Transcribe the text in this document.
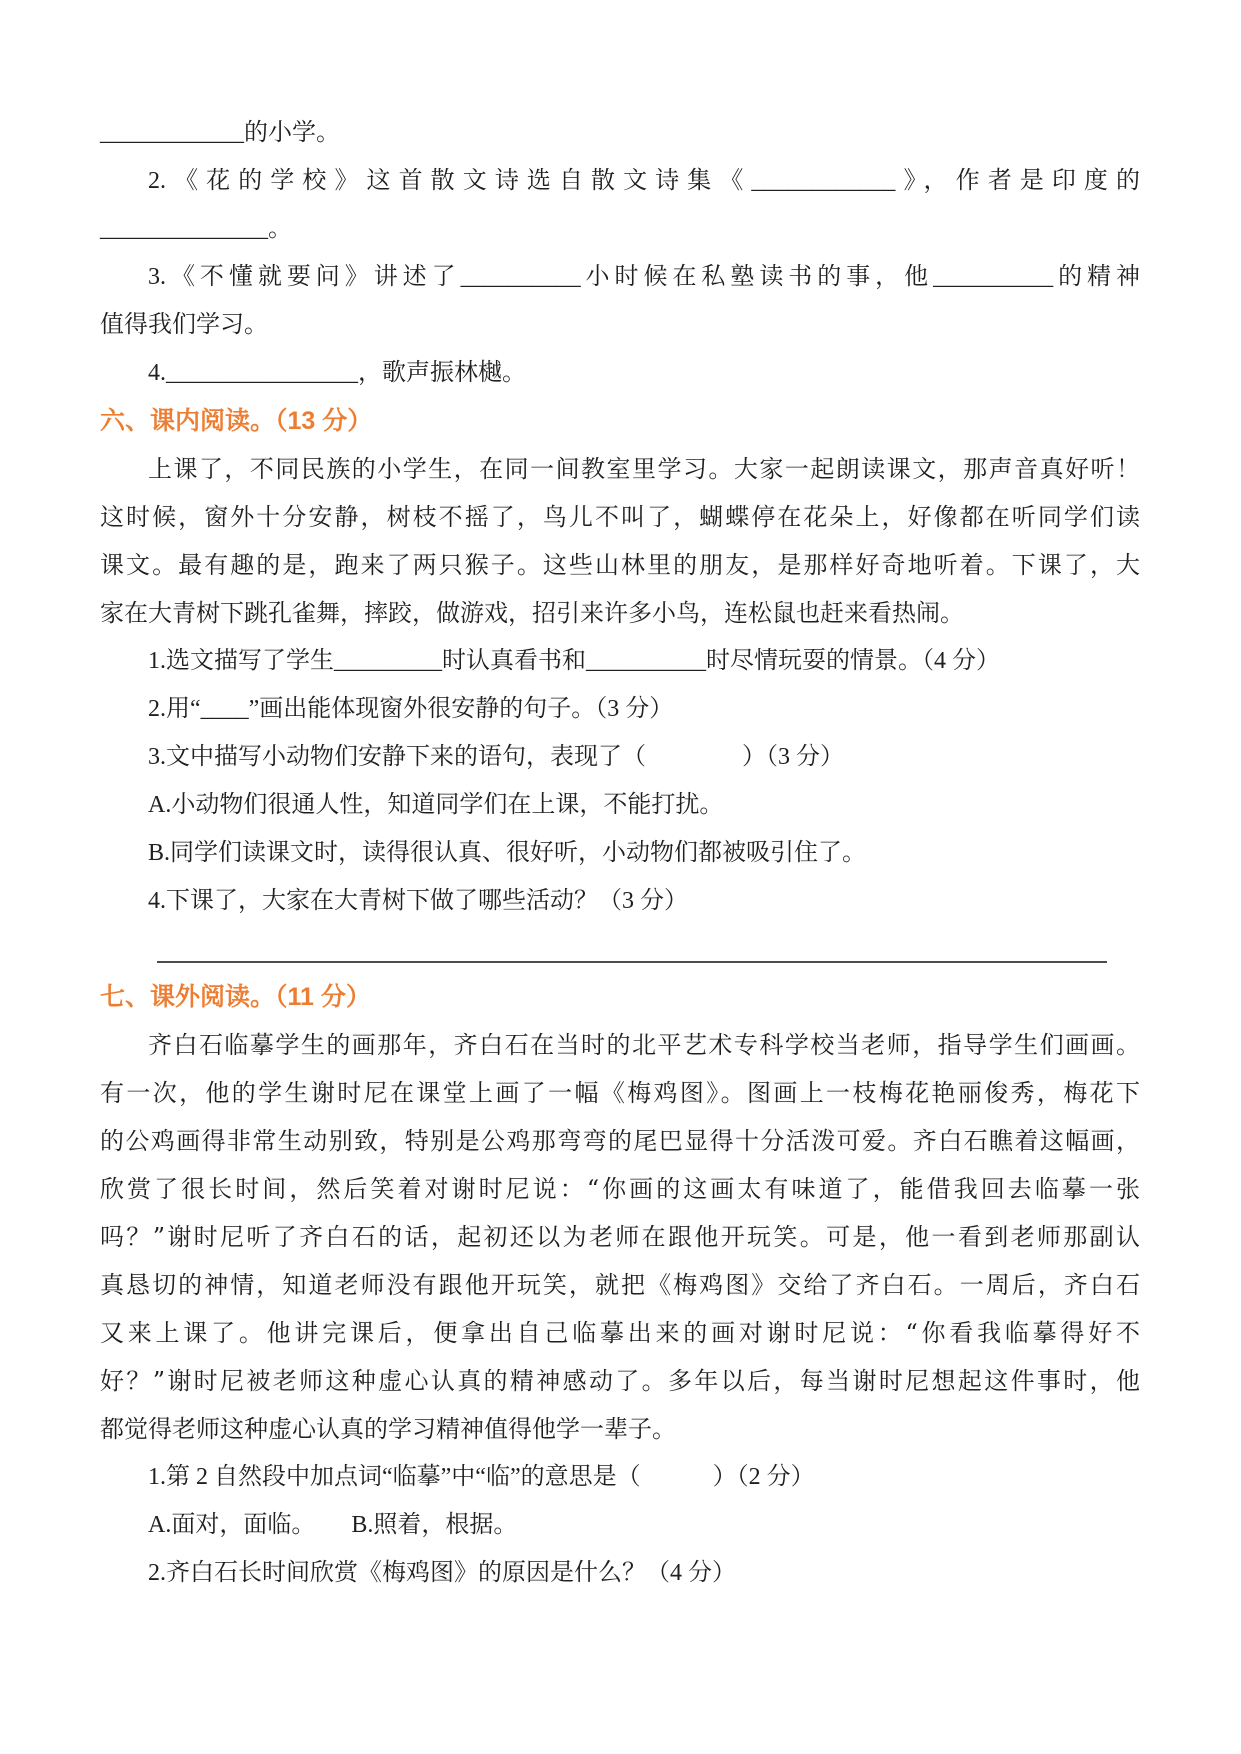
____________的小学。
2.《花的学校》这首散文诗选自散文诗集《____________》，作者是印度的
______________。
3.《不懂就要问》讲述了__________小时候在私塾读书的事，他__________的精神
值得我们学习。
4.________________，歌声振林樾。
六、课内阅读。（13 分）
上课了，不同民族的小学生，在同一间教室里学习。大家一起朗读课文，那声音真好听！
这时候，窗外十分安静，树枝不摇了，鸟儿不叫了，蝴蝶停在花朵上，好像都在听同学们读
课文。最有趣的是，跑来了两只猴子。这些山林里的朋友，是那样好奇地听着。下课了，大
家在大青树下跳孔雀舞，摔跤，做游戏，招引来许多小鸟，连松鼠也赶来看热闹。
1.选文描写了学生_________时认真看书和__________时尽情玩耍的情景。（4 分）
2.用“____”画出能体现窗外很安静的句子。（3 分）
3.文中描写小动物们安静下来的语句，表现了（　　　　）（3 分）
A.小动物们很通人性，知道同学们在上课，不能打扰。
B.同学们读课文时，读得很认真、很好听，小动物们都被吸引住了。
4.下课了，大家在大青树下做了哪些活动？（3 分）
七、课外阅读。（11 分）
齐白石临摹学生的画那年，齐白石在当时的北平艺术专科学校当老师，指导学生们画画。
有一次，他的学生谢时尼在课堂上画了一幅《梅鸡图》。图画上一枝梅花艳丽俊秀，梅花下
的公鸡画得非常生动别致，特别是公鸡那弯弯的尾巴显得十分活泼可爱。齐白石瞧着这幅画，
欣赏了很长时间，然后笑着对谢时尼说：“你画的这画太有味道了，能借我回去临摹一张
吗？”谢时尼听了齐白石的话，起初还以为老师在跟他开玩笑。可是，他一看到老师那副认
真恳切的神情，知道老师没有跟他开玩笑，就把《梅鸡图》交给了齐白石。一周后，齐白石
又来上课了。他讲完课后，便拿出自己临摹出来的画对谢时尼说：“你看我临摹得好不
好？”谢时尼被老师这种虚心认真的精神感动了。多年以后，每当谢时尼想起这件事时，他
都觉得老师这种虚心认真的学习精神值得他学一辈子。
1.第 2 自然段中加点词“临摹”中“临”的意思是（　　　）（2 分）
A.面对，面临。　　B.照着，根据。
2.齐白石长时间欣赏《梅鸡图》的原因是什么？（4 分）
